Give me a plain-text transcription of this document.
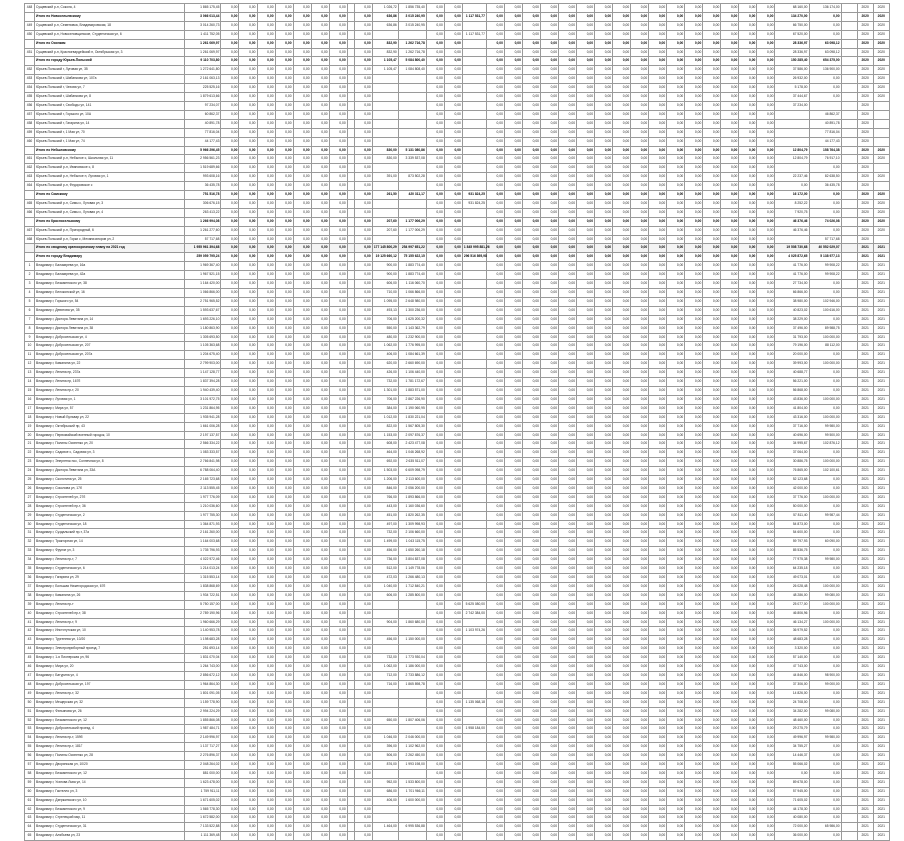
448	Сущевский р-н, Сокола, 4	1 865 175,45	0,00	0,00	0,00	0,00	0,00	0,00	0,00		0,00	1 026,72	1 856 735,40	0,00	0,00		0,00	0,00	0,00	0,00	0,00	0,00	0,00	0,00	0,00	0,00	0,00	0,00	0,00	0,00	0,00	0,00	68 160,00	136 174,00		2020	2020
	Итого по Новосельевскому	3 066 013,44	0,00	0,00	0,00	0,00	0,00	0,00	0,00		0,00	636,86	3 015 240,95	0,00	0,00	1 117 531,77	0,00	0,00	0,00	0,00	0,00	0,00	0,00	0,00	0,00	0,00	0,00	0,00	0,00	0,00	0,00	0,00	134 270,00	0,00		2020	2020
449	Сущевский р-н, Семеновка, Владимировская, 18	3 014 260,73	0,00	0,00	0,00	0,00	0,00	0,00	0,00		0,00	636,86	3 015 240,95	0,00	0,00		0,00	0,00	0,00	0,00	0,00	0,00	0,00	0,00	0,00	0,00	0,00	0,00	0,00	0,00	0,00	0,00	66 750,00	0,00		2020	2020
450	Сущевский р-н, Новоселовщинское, Студенческая ул, 6	1 411 752,05	0,00	0,00	0,00	0,00	0,00	0,00	0,00		0,00			0,00	0,00	1 117 531,77	0,00	0,00	0,00	0,00	0,00	0,00	0,00	0,00	0,00	0,00	0,00	0,00	0,00	0,00	0,00	0,00	67 520,00	0,00		2020	2020
	Итого по Осинкам	1 261 069,97	0,00	0,00	0,00	0,00	0,00	0,00	0,00		0,00	832,90	1 262 716,78	0,00	0,00		0,00	0,00	0,00	0,00	0,00	0,00	0,00	0,00	0,00	0,00	0,00	0,00	0,00	0,00	0,00	0,00	28 336,97	63 098,12		2020	2020
451	Сущевский р-н, Красногвардейский п, Октябрьская ул, 3	1 261 069,97	0,00	0,00	0,00	0,00	0,00	0,00	0,00		0,00	832,90	1 262 716,78	0,00	0,00		0,00	0,00	0,00	0,00	0,00	0,00	0,00	0,00	0,00	0,00	0,00	0,00	0,00	0,00	0,00	0,00	28 336,97	63 098,12		2020	2020
	Итого по городу Юрьев-Польский	9 110 703,80	0,00	0,00	0,00	0,00	0,00	0,00	0,00		0,00	1 105,47	5 084 800,40	0,00	0,00		0,00	0,00	0,00	0,00	0,00	0,00	0,00	0,00	0,00	0,00	0,00	0,00	0,00	0,00	0,00	0,00	150 285,40	654 375,00		2020	2020
452	Юрьев-Польский г, Луговая ул, 35	1 272 641,80	0,00	0,00	0,00	0,00	0,00	0,00	0,00		0,00	1 105,47	1 084 808,40	0,00	0,00		0,00	0,00	0,00	0,00	0,00	0,00	0,00	0,00	0,00	0,00	0,00	0,00	0,00	0,00	0,00	0,00	37 586,00	136 900,00		2020	2020
453	Юрьев-Польский г, Шибанкова ул, 107а	2 161 063,13	0,00	0,00	0,00	0,00	0,00	0,00	0,00		0,00			0,00	0,00		0,00	0,00	0,00	0,00	0,00	0,00	0,00	0,00	0,00	0,00	0,00	0,00	0,00	0,00	0,00	0,00	26 932,00	0,00		2020	2020
454	Юрьев-Польский г, Чехова ул, 7	225 525,16	0,00	0,00	0,00	0,00	0,00	0,00	0,00		0,00			0,00	0,00		0,00	0,00	0,00	0,00	0,00	0,00	0,00	0,00	0,00	0,00	0,00	0,00	0,00	0,00	0,00	0,00	5 178,00	0,00		2020	2020
455	Юрьев-Польский г, Шибанкова ул, 8	1 879 613,66	0,00	0,00	0,00	0,00	0,00	0,00	0,00		0,00			0,00	0,00		0,00	0,00	0,00	0,00	0,00	0,00	0,00	0,00	0,00	0,00	0,00	0,00	0,00	0,00	0,00	0,00	37 444,67	0,00		2020	2020
456	Юрьев-Польский г, Свободы ул, 141	97 234,07	0,00	0,00	0,00	0,00	0,00	0,00	0,00		0,00			0,00	0,00		0,00	0,00	0,00	0,00	0,00	0,00	0,00	0,00	0,00	0,00	0,00	0,00	0,00	0,00	0,00	0,00	37 234,00			2020	
457	Юрьев-Польский г, Горького ул, 10А	60 862,37	0,00	0,00	0,00	0,00	0,00	0,00	0,00		0,00			0,00	0,00		0,00	0,00	0,00	0,00	0,00	0,00	0,00	0,00	0,00	0,00	0,00	0,00	0,00	0,00	0,00	0,00		46 862,37		2020	
458	Юрьев-Польский г, Гагарина ул, 14	40 891,78	0,00	0,00	0,00	0,00	0,00	0,00	0,00		0,00			0,00	0,00		0,00	0,00	0,00	0,00	0,00	0,00	0,00	0,00	0,00	0,00	0,00	0,00	0,00	0,00	0,00	0,00		40 891,78		2020	
459	Юрьев-Польский г, 1 Мая ул, 70	77 816,04	0,00	0,00	0,00	0,00	0,00	0,00	0,00		0,00			0,00	0,00		0,00	0,00	0,00	0,00	0,00	0,00	0,00	0,00	0,00	0,00	0,00	0,00	0,00	0,00	0,00	0,00		77 816,04		2020	
460	Юрьев-Польский г, 1 Мая ул, 74	44 177,43	0,00	0,00	0,00	0,00	0,00	0,00	0,00		0,00			0,00	0,00		0,00	0,00	0,00	0,00	0,00	0,00	0,00	0,00	0,00	0,00	0,00	0,00	0,00	0,00	0,00	0,00		44 177,43		2020	
	Итого по Небыловскому	5 966 296,45	0,00	0,00	0,00	0,00	0,00	0,00	0,00		0,00	830,00	5 131 080,86	0,00	0,00		0,00	0,00	0,00	0,00	0,00	0,00	0,00	0,00	0,00	0,00	0,00	0,00	0,00	0,00	0,00	0,00	12 804,79	158 764,38		2020	2020
461	Юрьев-Польский р-н, Небылое с, Школьная ул, 11	2 956 561,23	0,00	0,00	0,00	0,00	0,00	0,00	0,00		0,00	830,00	3 339 537,08	0,00	0,00		0,00	0,00	0,00	0,00	0,00	0,00	0,00	0,00	0,00	0,00	0,00	0,00	0,00	0,00	0,00	0,00	12 804,79	76 917,10		2020	2020
462	Юрьев-Польский р-н, Ивановское с, 8	1 519 689,66	0,00	0,00	0,00	0,00	0,00	0,00	0,00		0,00			0,00	0,00		0,00	0,00	0,00	0,00	0,00	0,00	0,00	0,00	0,00	0,00	0,00	0,00	0,00	0,00	0,00	0,00		0,00		2020	
463	Юрьев-Польский р-н, Небылое п, Луговая ул, 1	993 608,16	0,00	0,00	0,00	0,00	0,00	0,00	0,00		0,00	391,00	873 502,28	0,00	0,00		0,00	0,00	0,00	0,00	0,00	0,00	0,00	0,00	0,00	0,00	0,00	0,00	0,00	0,00	0,00	0,00	22 237,46	82 638,50		2020	2020
464	Юрьев-Польский р-н, Федоровское с	36 435,78	0,00	0,00	0,00	0,00	0,00	0,00	0,00		0,00			0,00	0,00		0,00	0,00	0,00	0,00	0,00	0,00	0,00	0,00	0,00	0,00	0,00	0,00	0,00	0,00	0,00	0,00	0,00	36 435,78		2020	
	Итого по Симскому	751 516,78	0,00	0,00	0,00	0,00	0,00	0,00	0,00		0,00	261,50	420 311,17	0,00	0,00	931 824,25	0,00	0,00	0,00	0,00	0,00	0,00	0,00	0,00	0,00	0,00	0,00	0,00	0,00	0,00	0,00	0,00	16 172,00	0,00		2020	2020
465	Юрьев-Польский р-н, Симы с, Луговая ул, 3	306 676,15	0,00	0,00	0,00	0,00	0,00	0,00	0,00		0,00			0,00	0,00	931 824,25	0,00	0,00	0,00	0,00	0,00	0,00	0,00	0,00	0,00	0,00	0,00	0,00	0,00	0,00	0,00	0,00	8 252,22	0,00		2020	2020
466	Юрьев-Польский р-н, Симы с, Луговая ул, 4	263 413,22	0,00	0,00	0,00	0,00	0,00	0,00	0,00		0,00			0,00	0,00		0,00	0,00	0,00	0,00	0,00	0,00	0,00	0,00	0,00	0,00	0,00	0,00	0,00	0,00	0,00	0,00	7 920,75	0,00		2020	2020
	Итого по Красносельскому	1 266 994,08	0,00	0,00	0,00	0,00	0,00	0,00	0,00		0,00	207,60	1 177 006,29	0,00	0,00		0,00	0,00	0,00	0,00	0,00	0,00	0,00	0,00	0,00	0,00	0,00	0,00	0,00	0,00	0,00	0,00	46 376,46	74 026,08		2020	2020
467	Юрьев-Польский р-н, Пригородный, 6	1 261 277,60	0,00	0,00	0,00	0,00	0,00	0,00	0,00		0,00	207,60	1 177 006,29	0,00	0,00		0,00	0,00	0,00	0,00	0,00	0,00	0,00	0,00	0,00	0,00	0,00	0,00	0,00	0,00	0,00	0,00	46 376,46	0,00		2020	2020
468	Юрьев-Польский р-н, Горки с, Механизаторов ул, 2	57 717,68	0,00	0,00	0,00	0,00	0,00	0,00	0,00		0,00			0,00	0,00		0,00	0,00	0,00	0,00	0,00	0,00	0,00	0,00	0,00	0,00	0,00	0,00	0,00	0,00	0,00	0,00		57 717,68		2020	
	Итого по сводному краткосрочному плану на 2021 год	1 955 961 394,68	0,00	0,00	0,00	0,00	0,00	0,00	0,00		0,00	177 145 800,29	254 997 651,22	0,00	0,00	1 845 995 881,26	0,00	0,00	0,00	0,00	0,00	0,00	0,00	0,00	0,00	0,00	0,00	0,00	0,00	0,00	0,00	0,00	19 508 730,68	40 552 029,07		2021	2021
	Итого по городу Владимиру	259 059 795,24	0,00	0,00	0,00	0,00	0,00	0,00	0,00		0,00	19 125 660,12	75 155 622,15	0,00	0,00	296 516 895,98	0,00	0,00	0,00	0,00	0,00	0,00	0,00	0,00	0,00	0,00	0,00	0,00	0,00	0,00	0,00	0,00	4 025 872,65	5 138 977,13		2021	2021
1	Владимир г, Балакирева ул, 16а	1 969 367,40	0,00	0,00	0,00	0,00	0,00	0,00	0,00		0,00	900,00	1 883 774,40	0,00	0,00		0,00	0,00	0,00	0,00	0,00	0,00	0,00	0,00	0,00	0,00	0,00	0,00	0,00	0,00	0,00	0,00	41 776,00	99 908,22		2021	2021
2	Владимир г, Балакирева ул, 42а	1 967 521,15	0,00	0,00	0,00	0,00	0,00	0,00	0,00		0,00	900,00	1 883 774,40	0,00	0,00		0,00	0,00	0,00	0,00	0,00	0,00	0,00	0,00	0,00	0,00	0,00	0,00	0,00	0,00	0,00	0,00	41 776,00	99 908,22		2021	2021
3	Владимир г, Безыменского ул, 38	1 164 420,00	0,00	0,00	0,00	0,00	0,00	0,00	0,00		0,00	606,00	1 116 060,70	0,00	0,00		0,00	0,00	0,00	0,00	0,00	0,00	0,00	0,00	0,00	0,00	0,00	0,00	0,00	0,00	0,00	0,00	27 734,00	0,00		2021	2021
4	Владимир г, Белоконской ул, 16	1 066 866,00	0,00	0,00	0,00	0,00	0,00	0,00	0,00		0,00	710,00	1 066 866,00	0,00	0,00		0,00	0,00	0,00	0,00	0,00	0,00	0,00	0,00	0,00	0,00	0,00	0,00	0,00	0,00	0,00	0,00	66 866,00	0,00		2021	2021
5	Владимир г, Горького ул, 54	2 751 965,52	0,00	0,00	0,00	0,00	0,00	0,00	0,00		0,00	1 095,00	2 648 980,00	0,00	0,00		0,00	0,00	0,00	0,00	0,00	0,00	0,00	0,00	0,00	0,00	0,00	0,00	0,00	0,00	0,00	0,00	38 980,00	102 946,00		2021	2021
6	Владимир г, Девятова ул, 35	1 593 637,67	0,00	0,00	0,00	0,00	0,00	0,00	0,00		0,00	493,13	1 300 236,00	0,00	0,00		0,00	0,00	0,00	0,00	0,00	0,00	0,00	0,00	0,00	0,00	0,00	0,00	0,00	0,00	0,00	0,00	40 823,02	100 616,00		2021	2021
7	Владимир г, Диктора Левитана ул, 14	1 693 226,10	0,00	0,00	0,00	0,00	0,00	0,00	0,00		0,00	706,00	1 625 200,32	0,00	0,00		0,00	0,00	0,00	0,00	0,00	0,00	0,00	0,00	0,00	0,00	0,00	0,00	0,00	0,00	0,00	0,00	38 229,00	0,00		2021	2021
8	Владимир г, Диктора Левитана ул, 38	1 180 863,90	0,00	0,00	0,00	0,00	0,00	0,00	0,00		0,00	550,00	1 143 362,79	0,00	0,00		0,00	0,00	0,00	0,00	0,00	0,00	0,00	0,00	0,00	0,00	0,00	0,00	0,00	0,00	0,00	0,00	37 496,00	89 988,75		2021	2021
9	Владимир г, Добросельская ул, 4	1 305 693,50	0,00	0,00	0,00	0,00	0,00	0,00	0,00		0,00	480,00	1 232 900,00	0,00	0,00		0,00	0,00	0,00	0,00	0,00	0,00	0,00	0,00	0,00	0,00	0,00	0,00	0,00	0,00	0,00	0,00	31 793,00	100 000,00		2021	2021
10	Владимир г, Добросельская ул, 207	1 105 363,68	0,00	0,00	0,00	0,00	0,00	0,00	0,00		0,00	1 062,00	1 776 995,00	0,00	0,00		0,00	0,00	0,00	0,00	0,00	0,00	0,00	0,00	0,00	0,00	0,00	0,00	0,00	0,00	0,00	0,00	79 196,00	88 112,00		2021	2021
11	Владимир г, Добросельская ул, 207а	1 204 675,40	0,00	0,00	0,00	0,00	0,00	0,00	0,00		0,00	406,00	1 084 661,39	0,00	0,00		0,00	0,00	0,00	0,00	0,00	0,00	0,00	0,00	0,00	0,00	0,00	0,00	0,00	0,00	0,00	0,00	20 000,00	0,00		2021	2021
12	Владимир г, Каманина ул, 22	2 799 903,00	0,00	0,00	0,00	0,00	0,00	0,00	0,00		0,00	620,00	2 660 690,00	0,00	0,00		0,00	0,00	0,00	0,00	0,00	0,00	0,00	0,00	0,00	0,00	0,00	0,00	0,00	0,00	0,00	0,00	39 993,00	100 000,00		2021	2021
13	Владимир г, Ленина пр, 237а	1 147 128,77	0,00	0,00	0,00	0,00	0,00	0,00	0,00		0,00	426,00	1 106 440,00	0,00	0,00		0,00	0,00	0,00	0,00	0,00	0,00	0,00	0,00	0,00	0,00	0,00	0,00	0,00	0,00	0,00	0,00	40 688,77	0,00		2021	2021
14	Владимир г, Ленина пр, 167б	1 837 394,28	0,00	0,00	0,00	0,00	0,00	0,00	0,00		0,00	732,00	1 781 172,67	0,00	0,00		0,00	0,00	0,00	0,00	0,00	0,00	0,00	0,00	0,00	0,00	0,00	0,00	0,00	0,00	0,00	0,00	56 221,00	0,00		2021	2021
15	Владимир г, Ленина пр-т, 20	1 940 439,40	0,00	0,00	0,00	0,00	0,00	0,00	0,00		0,00	1 301,00	1 883 571,00	0,00	0,00		0,00	0,00	0,00	0,00	0,00	0,00	0,00	0,00	0,00	0,00	0,00	0,00	0,00	0,00	0,00	0,00	56 868,00	0,00		2021	2021
16	Владимир г, Луговая ул, 1	3 101 972,75	0,00	0,00	0,00	0,00	0,00	0,00	0,00		0,00	706,00	2 867 226,90	0,00	0,00		0,00	0,00	0,00	0,00	0,00	0,00	0,00	0,00	0,00	0,00	0,00	0,00	0,00	0,00	0,00	0,00	43 836,00	100 000,00		2021	2021
17	Владимир г, Мира ул, 57	1 231 864,95	0,00	0,00	0,00	0,00	0,00	0,00	0,00		0,00	384,00	1 190 060,95	0,00	0,00		0,00	0,00	0,00	0,00	0,00	0,00	0,00	0,00	0,00	0,00	0,00	0,00	0,00	0,00	0,00	0,00	41 804,00	0,00		2021	2021
18	Владимир г, Новый Бульвар ул, 22	1 935 941,28	0,00	0,00	0,00	0,00	0,00	0,00	0,00		0,00	1 012,00	1 830 221,04	0,00	0,00		0,00	0,00	0,00	0,00	0,00	0,00	0,00	0,00	0,00	0,00	0,00	0,00	0,00	0,00	0,00	0,00	43 316,00	100 000,00		2021	2021
19	Владимир г, Октябрьский пр, 43	1 661 006,28	0,00	0,00	0,00	0,00	0,00	0,00	0,00		0,00	822,00	1 567 805,30	0,00	0,00		0,00	0,00	0,00	0,00	0,00	0,00	0,00	0,00	0,00	0,00	0,00	0,00	0,00	0,00	0,00	0,00	37 716,00	99 980,00		2021	2021
20	Владимир г, Первомайский военный городок, 10	2 197 137,57	0,00	0,00	0,00	0,00	0,00	0,00	0,00		0,00	1 153,00	2 097 876,37	0,00	0,00		0,00	0,00	0,00	0,00	0,00	0,00	0,00	0,00	0,00	0,00	0,00	0,00	0,00	0,00	0,00	0,00	40 696,00	99 500,00		2021	2021
21	Владимир г, Полины Осипенко ул, 20	2 566 334,22	0,00	0,00	0,00	0,00	0,00	0,00	0,00		0,00	608,00	2 423 477,08	0,00	0,00		0,00	0,00	0,00	0,00	0,00	0,00	0,00	0,00	0,00	0,00	0,00	0,00	0,00	0,00	0,00	0,00	34 995,67	102 876,12		2021	2021
22	Владимир г, Садовое с, Садовая ул, 3	1 083 333,57	0,00	0,00	0,00	0,00	0,00	0,00	0,00		0,00	464,00	1 046 268,92	0,00	0,00		0,00	0,00	0,00	0,00	0,00	0,00	0,00	0,00	0,00	0,00	0,00	0,00	0,00	0,00	0,00	0,00	37 064,00	0,00		2021	2021
23	Владимир г, Энергетик пос, Солнечная ул, 8	2 766 841,98	0,00	0,00	0,00	0,00	0,00	0,00	0,00		0,00	692,00	2 635 511,07	0,00	0,00		0,00	0,00	0,00	0,00	0,00	0,00	0,00	0,00	0,00	0,00	0,00	0,00	0,00	0,00	0,00	0,00	30 886,75	100 000,00		2021	2021
24	Владимир г, Диктора Левитана ул, 33А	6 788 064,40	0,00	0,00	0,00	0,00	0,00	0,00	0,00		0,00	1 503,00	6 609 098,79	0,00	0,00		0,00	0,00	0,00	0,00	0,00	0,00	0,00	0,00	0,00	0,00	0,00	0,00	0,00	0,00	0,00	0,00	76 865,00	102 100,61		2021	2021
25	Владимир г, Сколотина ул, 25	2 165 723,68	0,00	0,00	0,00	0,00	0,00	0,00	0,00		0,00	1 206,00	2 113 600,00	0,00	0,00		0,00	0,00	0,00	0,00	0,00	0,00	0,00	0,00	0,00	0,00	0,00	0,00	0,00	0,00	0,00	0,00	52 123,68	0,00		2021	2021
26	Владимир г, Соколова ул, 17б	2 113 555,45	0,00	0,00	0,00	0,00	0,00	0,00	0,00		0,00	846,00	2 056 200,00	0,00	0,00		0,00	0,00	0,00	0,00	0,00	0,00	0,00	0,00	0,00	0,00	0,00	0,00	0,00	0,00	0,00	0,00	42 000,00	0,00		2021	2021
27	Владимир г, Строителей ул, 27б	1 977 776,09	0,00	0,00	0,00	0,00	0,00	0,00	0,00		0,00	766,00	1 893 866,00	0,00	0,00		0,00	0,00	0,00	0,00	0,00	0,00	0,00	0,00	0,00	0,00	0,00	0,00	0,00	0,00	0,00	0,00	37 776,00	100 000,00		2021	2021
28	Владимир г, Строителей пр-т, 36	1 210 036,60	0,00	0,00	0,00	0,00	0,00	0,00	0,00		0,00	443,00	1 160 036,60	0,00	0,00		0,00	0,00	0,00	0,00	0,00	0,00	0,00	0,00	0,00	0,00	0,00	0,00	0,00	0,00	0,00	0,00	50 000,00	0,00		2021	2021
29	Владимир г, Студенческая ул, 2	1 977 755,30	0,00	0,00	0,00	0,00	0,00	0,00	0,00		0,00	451,00	1 820 262,35	0,00	0,00		0,00	0,00	0,00	0,00	0,00	0,00	0,00	0,00	0,00	0,00	0,00	0,00	0,00	0,00	0,00	0,00	57 811,40	99 987,44		2021	2021
30	Владимир г, Студенческая ул, 18	1 364 871,93	0,00	0,00	0,00	0,00	0,00	0,00	0,00		0,00	497,00	1 309 998,93	0,00	0,00		0,00	0,00	0,00	0,00	0,00	0,00	0,00	0,00	0,00	0,00	0,00	0,00	0,00	0,00	0,00	0,00	54 873,00	0,00		2021	2021
31	Владимир г, Суздальский пр-т, 37а	2 161 260,00	0,00	0,00	0,00	0,00	0,00	0,00	0,00		0,00	732,00	2 106 660,00	0,00	0,00		0,00	0,00	0,00	0,00	0,00	0,00	0,00	0,00	0,00	0,00	0,00	0,00	0,00	0,00	0,00	0,00	54 600,00	0,00		2021	2021
32	Владимир г, Тракторная ул, 14	1 164 003,68	0,00	0,00	0,00	0,00	0,00	0,00	0,00		0,00	1 499,00	1 043 115,75	0,00	0,00		0,00	0,00	0,00	0,00	0,00	0,00	0,00	0,00	0,00	0,00	0,00	0,00	0,00	0,00	0,00	0,00	59 797,93	60 090,00		2021	2021
33	Владимир г, Фрунзе ул, 3	1 735 796,93	0,00	0,00	0,00	0,00	0,00	0,00	0,00		0,00	456,00	1 650 260,18	0,00	0,00		0,00	0,00	0,00	0,00	0,00	0,00	0,00	0,00	0,00	0,00	0,00	0,00	0,00	0,00	0,00	0,00	85 536,75	0,00		2021	2021
34	Владимир г, Ленина пр-т, 7	4 022 972,46	0,00	0,00	0,00	0,00	0,00	0,00	0,00		0,00	736,00	3 804 837,08	0,00	0,00		0,00	0,00	0,00	0,00	0,00	0,00	0,00	0,00	0,00	0,00	0,00	0,00	0,00	0,00	0,00	0,00	77 975,38	99 980,00		2021	2021
35	Владимир г, Студенческая ул, 6	1 214 013,24	0,00	0,00	0,00	0,00	0,00	0,00	0,00		0,00	512,00	1 149 778,06	0,00	0,00		0,00	0,00	0,00	0,00	0,00	0,00	0,00	0,00	0,00	0,00	0,00	0,00	0,00	0,00	0,00	0,00	64 235,18	0,00		2021	2021
36	Владимир г, Гагарина ул, 29	1 315 553,14	0,00	0,00	0,00	0,00	0,00	0,00	0,00		0,00	472,03	1 266 480,13	0,00	0,00		0,00	0,00	0,00	0,00	0,00	0,00	0,00	0,00	0,00	0,00	0,00	0,00	0,00	0,00	0,00	0,00	49 073,01	0,00		2021	2021
37	Владимир г, Большая Нижегородская ул, 67б	1 838 868,69	0,00	0,00	0,00	0,00	0,00	0,00	0,00		0,00	1 040,00	1 712 840,21	0,00	0,00		0,00	0,00	0,00	0,00	0,00	0,00	0,00	0,00	0,00	0,00	0,00	0,00	0,00	0,00	0,00	0,00	26 028,48	100 000,00		2021	2021
38	Владимир г, Каманина ул, 26	1 934 722,51	0,00	0,00	0,00	0,00	0,00	0,00	0,00		0,00	606,00	1 285 800,00	0,00	0,00		0,00	0,00	0,00	0,00	0,00	0,00	0,00	0,00	0,00	0,00	0,00	0,00	0,00	0,00	0,00	0,00	48 286,00	99 080,00		2021	2021
39	Владимир г, Ленина пр-т	5 750 157,00	0,00	0,00	0,00	0,00	0,00	0,00	0,00		0,00			0,00	0,00	5 625 080,00	0,00	0,00	0,00	0,00	0,00	0,00	0,00	0,00	0,00	0,00	0,00	0,00	0,00	0,00	0,00	0,00	25 077,00	100 000,00		2021	2021
40	Владимир г, Строителей пр-т, 38	2 789 190,96	0,00	0,00	0,00	0,00	0,00	0,00	0,00		0,00			0,00	0,00	2 742 384,00	0,00	0,00	0,00	0,00	0,00	0,00	0,00	0,00	0,00	0,00	0,00	0,00	0,00	0,00	0,00	0,00	46 806,96	0,00		2021	2021
41	Владимир г, Ленина пр-т, 9	1 960 666,29	0,00	0,00	0,00	0,00	0,00	0,00	0,00		0,00	904,00	1 860 680,00	0,00	0,00		0,00	0,00	0,00	0,00	0,00	0,00	0,00	0,00	0,00	0,00	0,00	0,00	0,00	0,00	0,00	0,00	46 134,27	100 000,00		2021	2021
42	Владимир г, Институтская ул, 10	1 140 953,78	0,00	0,00	0,00	0,00	0,00	0,00	0,00		0,00			0,00	0,00	1 103 974,26	0,00	0,00	0,00	0,00	0,00	0,00	0,00	0,00	0,00	0,00	0,00	0,00	0,00	0,00	0,00	0,00	36 979,52	0,00		2021	2021
43	Владимир г, Тургенева ул, 10/20	1 198 683,28	0,00	0,00	0,00	0,00	0,00	0,00	0,00		0,00	456,00	1 150 000,00	0,00	0,00		0,00	0,00	0,00	0,00	0,00	0,00	0,00	0,00	0,00	0,00	0,00	0,00	0,00	0,00	0,00	0,00	48 683,28	0,00		2021	2021
44	Владимир г, Электроприборный проезд, 7	251 693,14	0,00	0,00	0,00	0,00	0,00	0,00	0,00		0,00			0,00	0,00		0,00	0,00	0,00	0,00	0,00	0,00	0,00	0,00	0,00	0,00	0,00	0,00	0,00	0,00	0,00	0,00	3 320,00	0,00		2021	2021
45	Владимир г, 1-я Пионерская ул, 96	1 831 070,04	0,00	0,00	0,00	0,00	0,00	0,00	0,00		0,00	732,00	1 773 930,04	0,00	0,00		0,00	0,00	0,00	0,00	0,00	0,00	0,00	0,00	0,00	0,00	0,00	0,00	0,00	0,00	0,00	0,00	57 140,00	0,00		2021	2021
46	Владимир г, Мира ул, 20	1 264 743,00	0,00	0,00	0,00	0,00	0,00	0,00	0,00		0,00	1 062,00	1 186 000,00	0,00	0,00		0,00	0,00	0,00	0,00	0,00	0,00	0,00	0,00	0,00	0,00	0,00	0,00	0,00	0,00	0,00	0,00	47 743,00	0,00		2021	2021
47	Владимир г, Батурина ул, 4	2 856 672,12	0,00	0,00	0,00	0,00	0,00	0,00	0,00		0,00	712,00	2 733 886,12	0,00	0,00		0,00	0,00	0,00	0,00	0,00	0,00	0,00	0,00	0,00	0,00	0,00	0,00	0,00	0,00	0,00	0,00	44 846,00	98 900,00		2021	2021
48	Владимир г, Добросельская ул, 197	1 964 864,30	0,00	0,00	0,00	0,00	0,00	0,00	0,00		0,00	716,00	1 865 898,78	0,00	0,00		0,00	0,00	0,00	0,00	0,00	0,00	0,00	0,00	0,00	0,00	0,00	0,00	0,00	0,00	0,00	0,00	37 306,00	99 000,00		2021	2021
49	Владимир г, Ленина пр-т, 32	1 801 091,05	0,00	0,00	0,00	0,00	0,00	0,00	0,00		0,00			0,00	0,00		0,00	0,00	0,00	0,00	0,00	0,00	0,00	0,00	0,00	0,00	0,00	0,00	0,00	0,00	0,00	0,00	14 826,00	0,00		2021	2021
50	Владимир г, Мещерская ул, 32	1 159 778,90	0,00	0,00	0,00	0,00	0,00	0,00	0,00		0,00			0,00	0,00	1 135 068,18	0,00	0,00	0,00	0,00	0,00	0,00	0,00	0,00	0,00	0,00	0,00	0,00	0,00	0,00	0,00	0,00	24 708,00	0,00		2021	2021
51	Владимир г, Фатьянова ул, 26	2 994 224,29	0,00	0,00	0,00	0,00	0,00	0,00	0,00		0,00			0,00	0,00		0,00	0,00	0,00	0,00	0,00	0,00	0,00	0,00	0,00	0,00	0,00	0,00	0,00	0,00	0,00	0,00	34 282,00	99 080,00		2021	2021
52	Владимир г, Безыменского ул, 12	1 855 866,08	0,00	0,00	0,00	0,00	0,00	0,00	0,00		0,00	650,00	1 807 406,06	0,00	0,00		0,00	0,00	0,00	0,00	0,00	0,00	0,00	0,00	0,00	0,00	0,00	0,00	0,00	0,00	0,00	0,00	48 460,00	0,00		2021	2021
53	Владимир г, Добросельский проезд, 4	1 987 484,71	0,00	0,00	0,00	0,00	0,00	0,00	0,00		0,00			0,00	0,00	1 958 184,00	0,00	0,00	0,00	0,00	0,00	0,00	0,00	0,00	0,00	0,00	0,00	0,00	0,00	0,00	0,00	0,00	29 275,79	0,00		2021	2021
54	Владимир г, Ленина пр-т, 159б	2 149 996,97	0,00	0,00	0,00	0,00	0,00	0,00	0,00		0,00	1 046,00	2 046 000,00	0,00	0,00		0,00	0,00	0,00	0,00	0,00	0,00	0,00	0,00	0,00	0,00	0,00	0,00	0,00	0,00	0,00	0,00	49 996,97	99 980,00		2021	2021
55	Владимир г, Ленина пр-т, 181Г	1 137 717,27	0,00	0,00	0,00	0,00	0,00	0,00	0,00		0,00	396,00	1 102 962,00	0,00	0,00		0,00	0,00	0,00	0,00	0,00	0,00	0,00	0,00	0,00	0,00	0,00	0,00	0,00	0,00	0,00	0,00	34 755,27	0,00		2021	2021
56	Владимир г, Полины Осипенко ул, 28	2 276 896,37	0,00	0,00	0,00	0,00	0,00	0,00	0,00		0,00	506,00	2 262 450,00	0,00	0,00		0,00	0,00	0,00	0,00	0,00	0,00	0,00	0,00	0,00	0,00	0,00	0,00	0,00	0,00	0,00	0,00	14 446,37	0,00		2021	2021
57	Владимир г, Дворянская ул, 10/20	2 048 264,02	0,00	0,00	0,00	0,00	0,00	0,00	0,00		0,00	876,00	1 993 198,00	0,00	0,00		0,00	0,00	0,00	0,00	0,00	0,00	0,00	0,00	0,00	0,00	0,00	0,00	0,00	0,00	0,00	0,00	55 066,02	0,00		2021	2021
58	Владимир г, Безыменского ул, 12	881 000,00	0,00	0,00	0,00	0,00	0,00	0,00	0,00		0,00			0,00	0,00		0,00	0,00	0,00	0,00	0,00	0,00	0,00	0,00	0,00	0,00	0,00	0,00	0,00	0,00	0,00	0,00	0,00	0,00		2021	2021
59	Владимир г, Усатова Льва ул, 14	1 623 478,00	0,00	0,00	0,00	0,00	0,00	0,00	0,00		0,00	952,00	1 533 800,00	0,00	0,00		0,00	0,00	0,00	0,00	0,00	0,00	0,00	0,00	0,00	0,00	0,00	0,00	0,00	0,00	0,00	0,00	89 678,00	0,00		2021	2021
60	Владимир г, Гастелло ул, 3	1 759 911,11	0,00	0,00	0,00	0,00	0,00	0,00	0,00		0,00	686,00	1 701 966,11	0,00	0,00		0,00	0,00	0,00	0,00	0,00	0,00	0,00	0,00	0,00	0,00	0,00	0,00	0,00	0,00	0,00	0,00	57 945,00	0,00		2021	2021
61	Владимир г, Дзержинского ул, 10	1 671 605,02	0,00	0,00	0,00	0,00	0,00	0,00	0,00		0,00	406,00	1 600 000,00	0,00	0,00		0,00	0,00	0,00	0,00	0,00	0,00	0,00	0,00	0,00	0,00	0,00	0,00	0,00	0,00	0,00	0,00	71 605,02	0,00		2021	2021
62	Владимир г, Безыменского ул, 9	1 565 778,30	0,00	0,00	0,00	0,00	0,00	0,00	0,00		0,00			0,00	0,00		0,00	0,00	0,00	0,00	0,00	0,00	0,00	0,00	0,00	0,00	0,00	0,00	0,00	0,00	0,00	0,00	44 178,30	0,00		2021	2021
63	Владимир г, Стрелецкий мкр, 11	1 672 582,00	0,00	0,00	0,00	0,00	0,00	0,00	0,00		0,00			0,00	0,00		0,00	0,00	0,00	0,00	0,00	0,00	0,00	0,00	0,00	0,00	0,00	0,00	0,00	0,00	0,00	0,00	40 080,00	0,00		2021	2021
64	Владимир г, Студенческая ул, 31	7 133 522,88	0,00	0,00	0,00	0,00	0,00	0,00	0,00		0,00	1 464,00	6 995 536,88	0,00	0,00		0,00	0,00	0,00	0,00	0,00	0,00	0,00	0,00	0,00	0,00	0,00	0,00	0,00	0,00	0,00	0,00	72 000,00	65 986,00		2021	2021
65	Владимир г, Алябьева ул, 23	1 111 369,48	0,00	0,00	0,00	0,00	0,00	0,00	0,00		0,00			0,00	0,00		0,00	0,00	0,00	0,00	0,00	0,00	0,00	0,00	0,00	0,00	0,00	0,00	0,00	0,00	0,00	0,00	36 000,00	0,00		2021	2021
